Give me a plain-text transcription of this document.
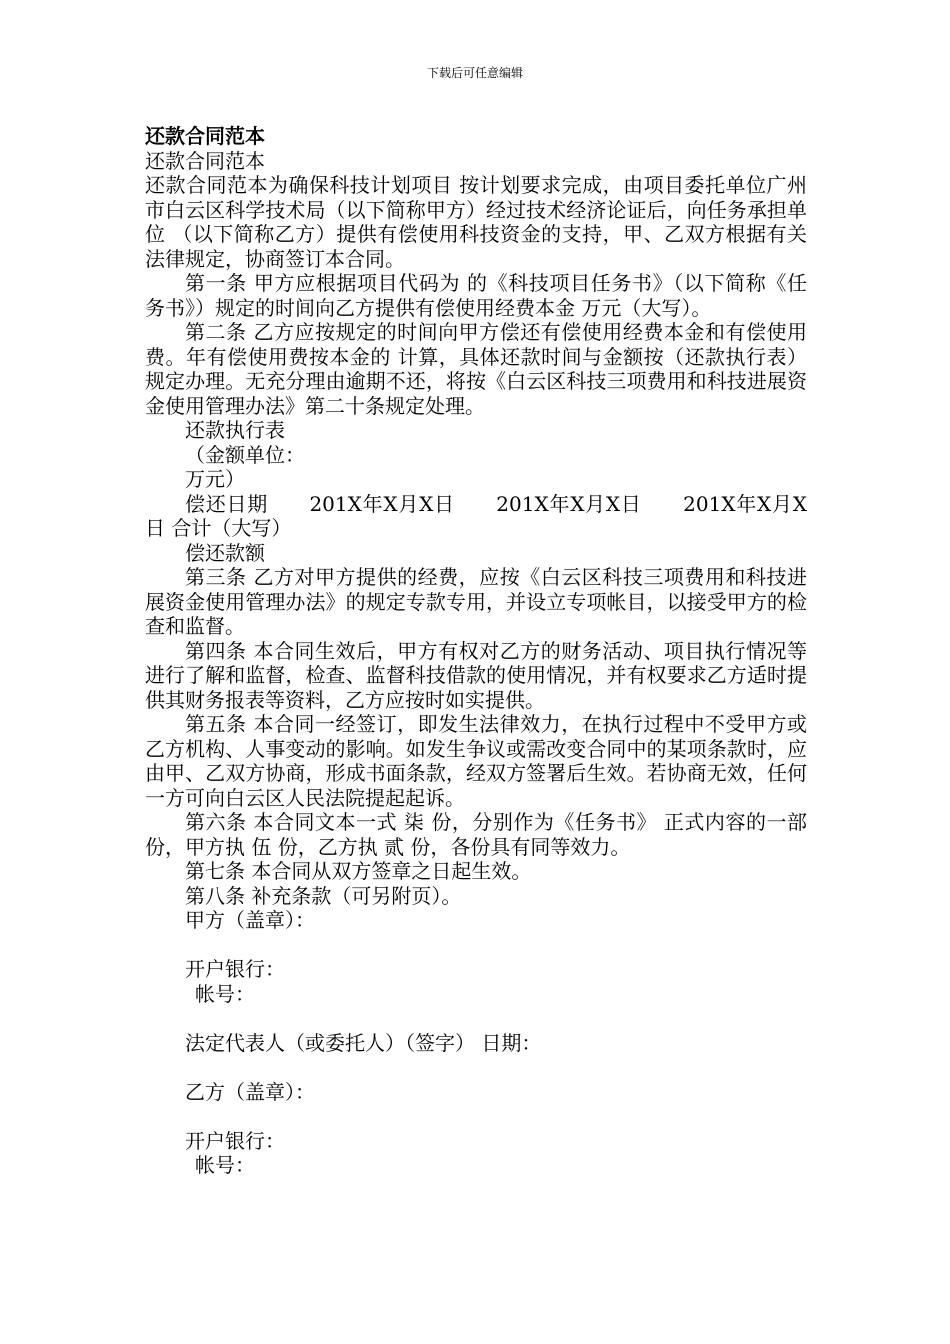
下载后可任意编辑

还款合同范本

还款合同范本

还款合同范本为确保科技计划项目 按计划要求完成，由项目委托单位广州市白云区科学技术局（以下简称甲方）经过技术经济论证后，向任务承担单位 （以下简称乙方）提供有偿使用科技资金的支持，甲、乙双方根据有关法律规定，协商签订本合同。

第一条 甲方应根据项目代码为 的《科技项目任务书》（以下简称《任务书》）规定的时间向乙方提供有偿使用经费本金 万元（大写）。

第二条 乙方应按规定的时间向甲方偿还有偿使用经费本金和有偿使用费。年有偿使用费按本金的 计算，具体还款时间与金额按（还款执行表）规定办理。无充分理由逾期不还，将按《白云区科技三项费用和科技进展资金使用管理办法》第二十条规定处理。

还款执行表

（金额单位：

万元）

偿还日期　　201X年X月X日　　201X年X月X日　　201X年X月X日 合计（大写）

偿还款额

第三条 乙方对甲方提供的经费，应按《白云区科技三项费用和科技进展资金使用管理办法》的规定专款专用，并设立专项帐目，以接受甲方的检查和监督。

第四条 本合同生效后，甲方有权对乙方的财务活动、项目执行情况等进行了解和监督，检查、监督科技借款的使用情况，并有权要求乙方适时提供其财务报表等资料，乙方应按时如实提供。

第五条 本合同一经签订，即发生法律效力，在执行过程中不受甲方或乙方机构、人事变动的影响。如发生争议或需改变合同中的某项条款时，应由甲、乙双方协商，形成书面条款，经双方签署后生效。若协商无效，任何一方可向白云区人民法院提起起诉。

第六条 本合同文本一式 柒 份，分别作为《任务书》 正式内容的一部份，甲方执 伍 份，乙方执 贰 份，各份具有同等效力。

第七条 本合同从双方签章之日起生效。

第八条 补充条款（可另附页）。

甲方（盖章）：

开户银行：

帐号：

法定代表人（或委托人）（签字） 日期：

乙方（盖章）：

开户银行：

帐号：
